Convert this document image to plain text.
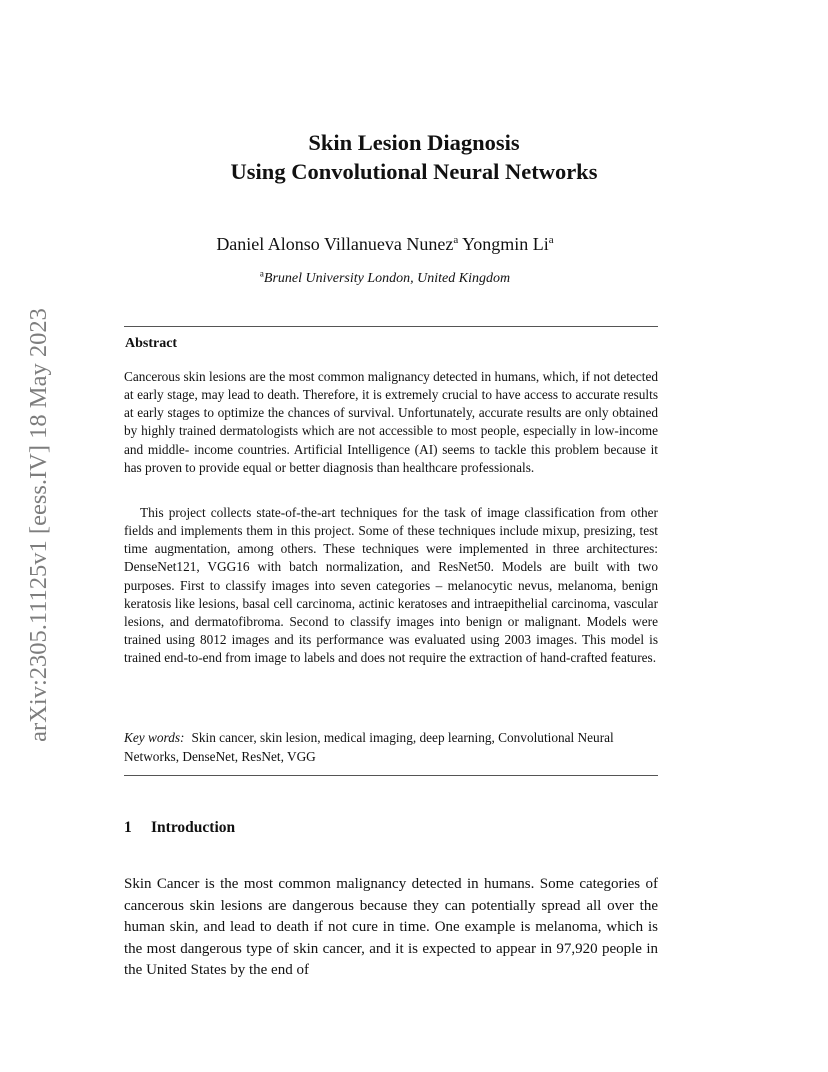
arXiv:2305.11125v1 [eess.IV] 18 May 2023
Skin Lesion Diagnosis
Using Convolutional Neural Networks
Daniel Alonso Villanueva Nunez$^a$ Yongmin Li$^a$
$^a$Brunel University London, United Kingdom
Abstract
Cancerous skin lesions are the most common malignancy detected in humans, which, if not detected at early stage, may lead to death. Therefore, it is extremely crucial to have access to accurate results at early stages to optimize the chances of survival. Unfortunately, accurate results are only obtained by highly trained dermatologists which are not accessible to most people, especially in low-income and middle- income countries. Artificial Intelligence (AI) seems to tackle this problem because it has proven to provide equal or better diagnosis than healthcare professionals.
This project collects state-of-the-art techniques for the task of image classification from other fields and implements them in this project. Some of these techniques include mixup, presizing, test time augmentation, among others. These techniques were implemented in three architectures: DenseNet121, VGG16 with batch normalization, and ResNet50. Models are built with two purposes. First to classify images into seven categories – melanocytic nevus, melanoma, benign keratosis like lesions, basal cell carcinoma, actinic keratoses and intraepithelial carcinoma, vascular lesions, and dermatofibroma. Second to classify images into benign or malignant. Models were trained using 8012 images and its performance was evaluated using 2003 images. This model is trained end-to-end from image to labels and does not require the extraction of hand-crafted features.
Key words: Skin cancer, skin lesion, medical imaging, deep learning, Convolutional Neural Networks, DenseNet, ResNet, VGG
1 Introduction
Skin Cancer is the most common malignancy detected in humans. Some categories of cancerous skin lesions are dangerous because they can potentially spread all over the human skin, and lead to death if not cure in time. One example is melanoma, which is the most dangerous type of skin cancer, and it is expected to appear in 97,920 people in the United States by the end of
